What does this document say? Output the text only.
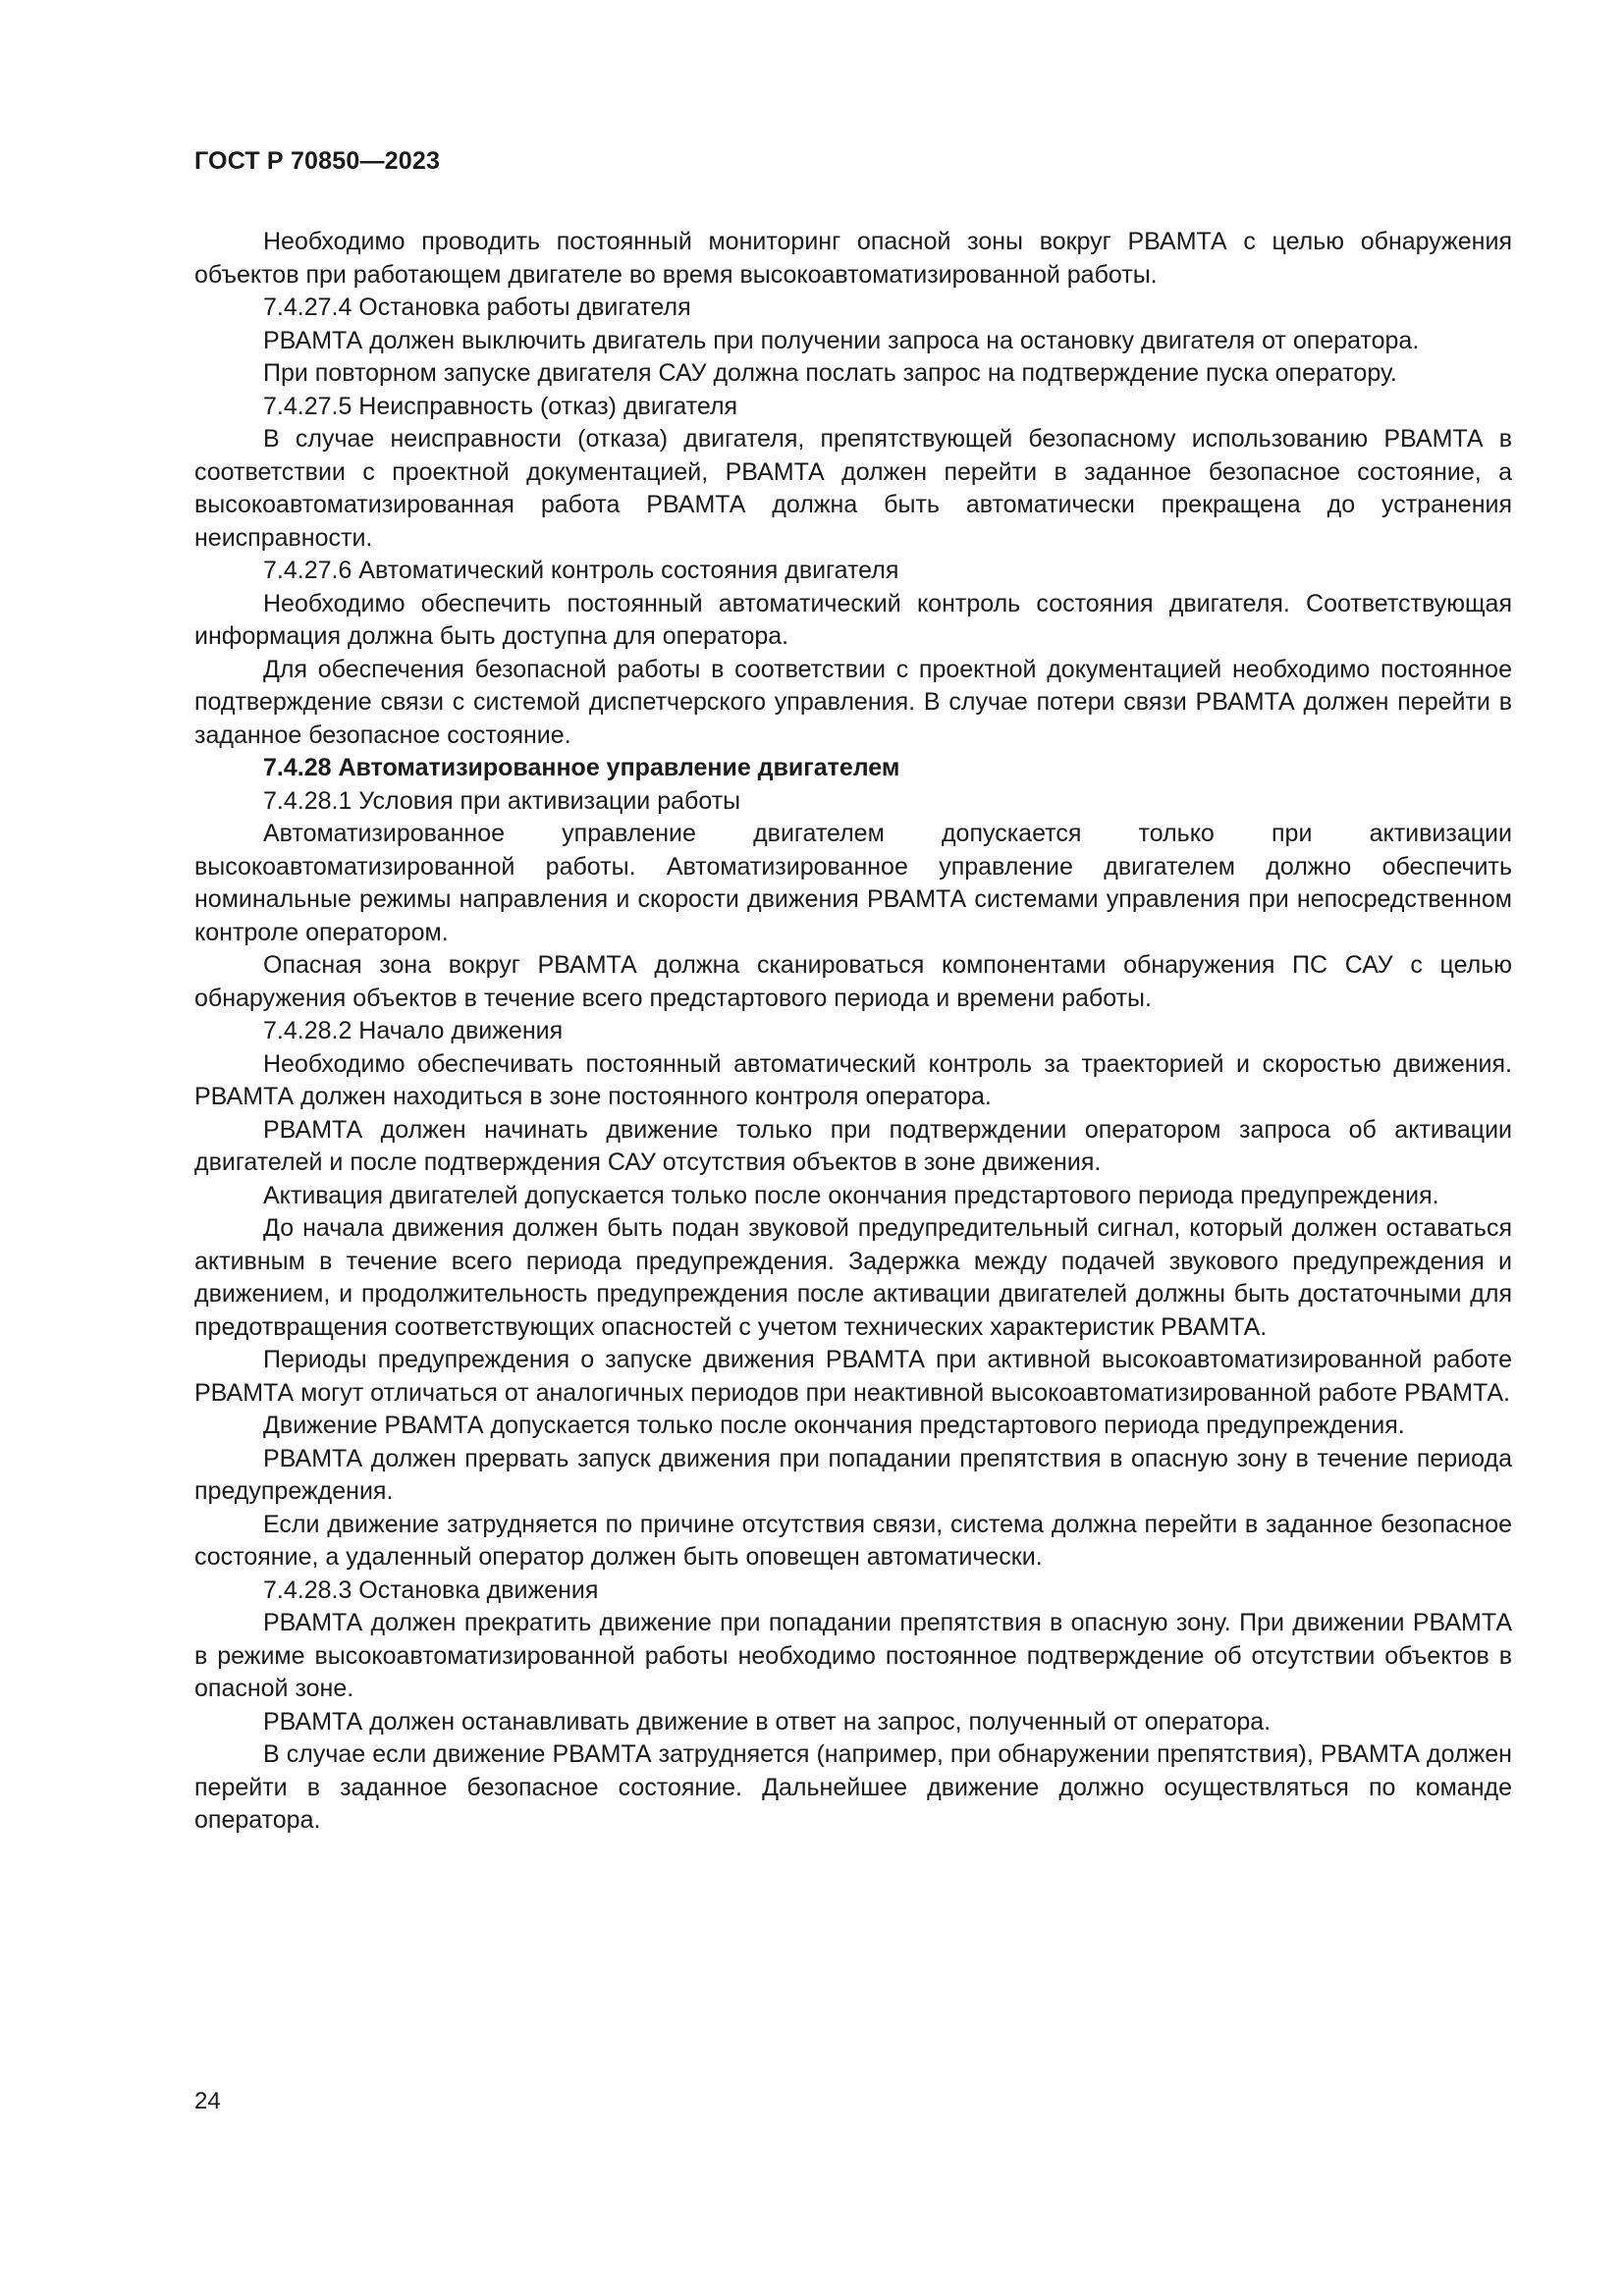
ГОСТ Р 70850—2023

Необходимо проводить постоянный мониторинг опасной зоны вокруг РВАМТА с целью обнаружения объектов при работающем двигателе во время высокоавтоматизированной работы.

7.4.27.4 Остановка работы двигателя

РВАМТА должен выключить двигатель при получении запроса на остановку двигателя от оператора.

При повторном запуске двигателя САУ должна послать запрос на подтверждение пуска оператору.

7.4.27.5 Неисправность (отказ) двигателя

В случае неисправности (отказа) двигателя, препятствующей безопасному использованию РВАМТА в соответствии с проектной документацией, РВАМТА должен перейти в заданное безопасное состояние, а высокоавтоматизированная работа РВАМТА должна быть автоматически прекращена до устранения неисправности.

7.4.27.6 Автоматический контроль состояния двигателя

Необходимо обеспечить постоянный автоматический контроль состояния двигателя. Соответствующая информация должна быть доступна для оператора.

Для обеспечения безопасной работы в соответствии с проектной документацией необходимо постоянное подтверждение связи с системой диспетчерского управления. В случае потери связи РВАМТА должен перейти в заданное безопасное состояние.

7.4.28 Автоматизированное управление двигателем

7.4.28.1 Условия при активизации работы

Автоматизированное управление двигателем допускается только при активизации высокоавтоматизированной работы. Автоматизированное управление двигателем должно обеспечить номинальные режимы направления и скорости движения РВАМТА системами управления при непосредственном контроле оператором.

Опасная зона вокруг РВАМТА должна сканироваться компонентами обнаружения ПС САУ с целью обнаружения объектов в течение всего предстартового периода и времени работы.

7.4.28.2 Начало движения

Необходимо обеспечивать постоянный автоматический контроль за траекторией и скоростью движения. РВАМТА должен находиться в зоне постоянного контроля оператора.

РВАМТА должен начинать движение только при подтверждении оператором запроса об активации двигателей и после подтверждения САУ отсутствия объектов в зоне движения.

Активация двигателей допускается только после окончания предстартового периода предупреждения.

До начала движения должен быть подан звуковой предупредительный сигнал, который должен оставаться активным в течение всего периода предупреждения. Задержка между подачей звукового предупреждения и движением, и продолжительность предупреждения после активации двигателей должны быть достаточными для предотвращения соответствующих опасностей с учетом технических характеристик РВАМТА.

Периоды предупреждения о запуске движения РВАМТА при активной высокоавтоматизированной работе РВАМТА могут отличаться от аналогичных периодов при неактивной высокоавтоматизированной работе РВАМТА.

Движение РВАМТА допускается только после окончания предстартового периода предупреждения.

РВАМТА должен прервать запуск движения при попадании препятствия в опасную зону в течение периода предупреждения.

Если движение затрудняется по причине отсутствия связи, система должна перейти в заданное безопасное состояние, а удаленный оператор должен быть оповещен автоматически.

7.4.28.3 Остановка движения

РВАМТА должен прекратить движение при попадании препятствия в опасную зону. При движении РВАМТА в режиме высокоавтоматизированной работы необходимо постоянное подтверждение об отсутствии объектов в опасной зоне.

РВАМТА должен останавливать движение в ответ на запрос, полученный от оператора.

В случае если движение РВАМТА затрудняется (например, при обнаружении препятствия), РВАМТА должен перейти в заданное безопасное состояние. Дальнейшее движение должно осуществляться по команде оператора.

24
